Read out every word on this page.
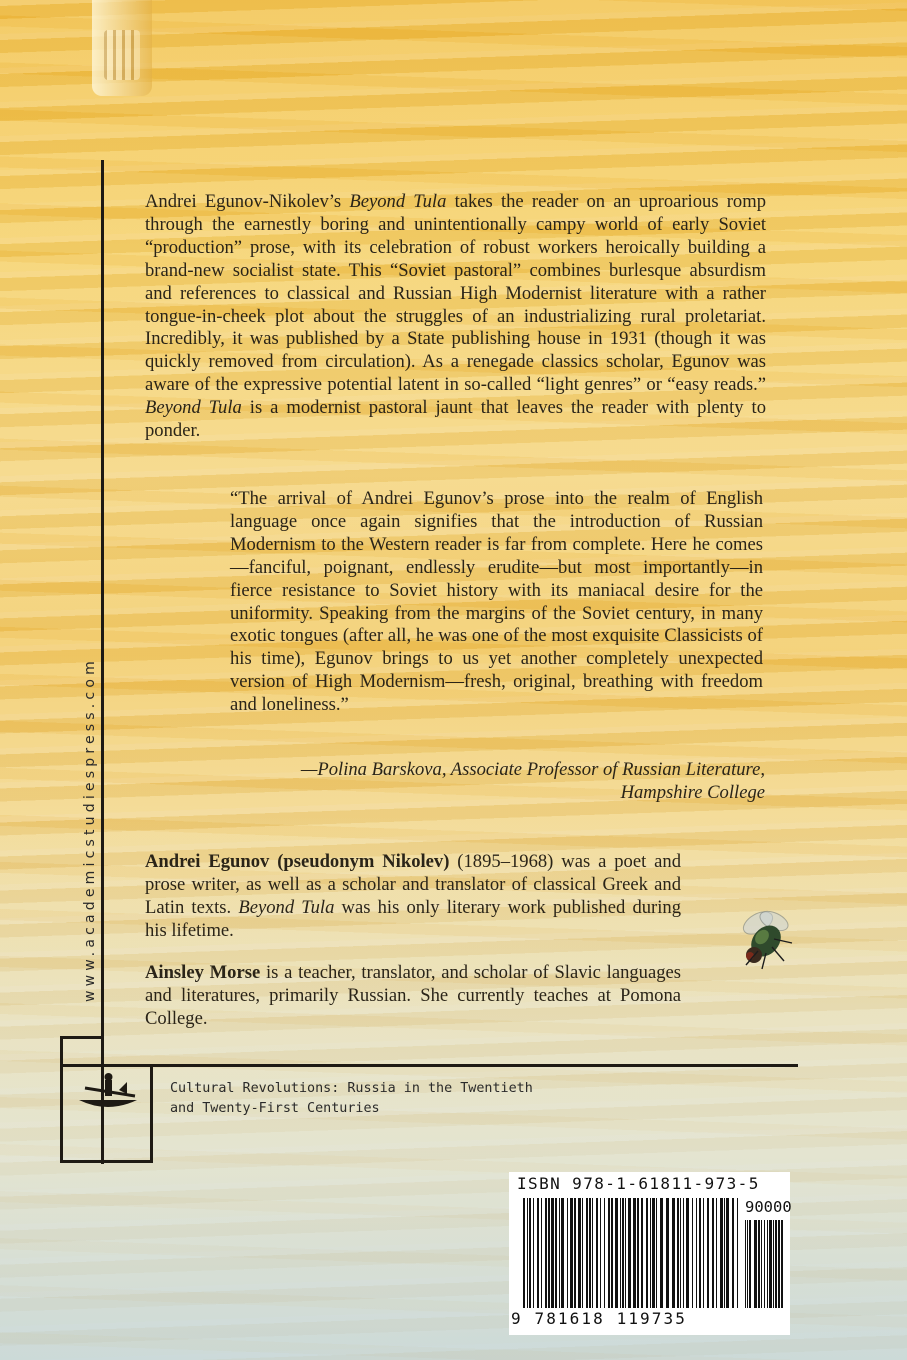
www.academicstudiespress.com
Andrei Egunov-Nikolev’s Beyond Tula takes the reader on an uproarious romp through the earnestly boring and unintentionally campy world of early Soviet “production” prose, with its celebration of robust workers heroically building a brand-new socialist state. This “Soviet pastoral” combines burlesque absurdism and references to classical and Russian High Modernist literature with a rather tongue-in-cheek plot about the struggles of an industrializing rural proletariat. Incredibly, it was published by a State publishing house in 1931 (though it was quickly removed from circulation). As a renegade classics scholar, Egunov was aware of the expressive potential latent in so-called “light genres” or “easy reads.” Beyond Tula is a modernist pastoral jaunt that leaves the reader with plenty to ponder.
“The arrival of Andrei Egunov’s prose into the realm of English language once again signifies that the introduction of Russian Modernism to the Western reader is far from complete. Here he comes—fanciful, poignant, endlessly erudite—but most importantly—in fierce resistance to Soviet history with its maniacal desire for the uniformity. Speaking from the margins of the Soviet century, in many exotic tongues (after all, he was one of the most exquisite Classicists of his time), Egunov brings to us yet another completely unexpected version of High Modernism—fresh, original, breathing with freedom and loneliness.”
—Polina Barskova, Associate Professor of Russian Literature,
Hampshire College
Andrei Egunov (pseudonym Nikolev) (1895–1968) was a poet and prose writer, as well as a scholar and translator of classical Greek and Latin texts. Beyond Tula was his only literary work published during his lifetime.
Ainsley Morse is a teacher, translator, and scholar of Slavic languages and literatures, primarily Russian. She currently teaches at Pomona College.
Cultural Revolutions: Russia in the Twentieth
and Twenty-First Centuries
ISBN 978-1-61811-973-5
90000
9 781618 119735
